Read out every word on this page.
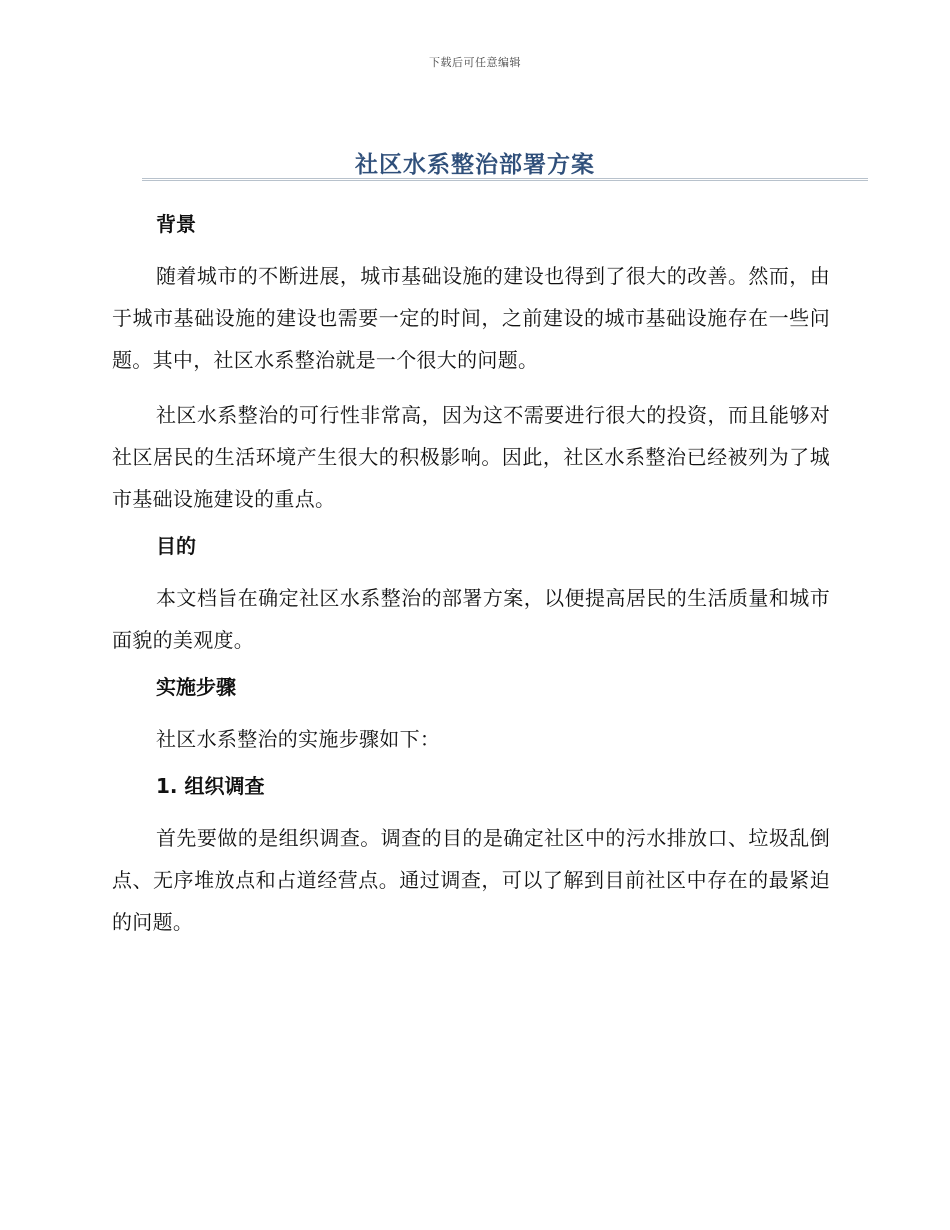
下载后可任意编辑
社区水系整治部署方案
背景

随着城市的不断进展，城市基础设施的建设也得到了很大的改善。然而，由于城市基础设施的建设也需要一定的时间，之前建设的城市基础设施存在一些问题。其中，社区水系整治就是一个很大的问题。

社区水系整治的可行性非常高，因为这不需要进行很大的投资，而且能够对社区居民的生活环境产生很大的积极影响。因此，社区水系整治已经被列为了城市基础设施建设的重点。

目的

本文档旨在确定社区水系整治的部署方案，以便提高居民的生活质量和城市面貌的美观度。

实施步骤

社区水系整治的实施步骤如下：

1. 组织调查

首先要做的是组织调查。调查的目的是确定社区中的污水排放口、垃圾乱倒点、无序堆放点和占道经营点。通过调查，可以了解到目前社区中存在的最紧迫的问题。
